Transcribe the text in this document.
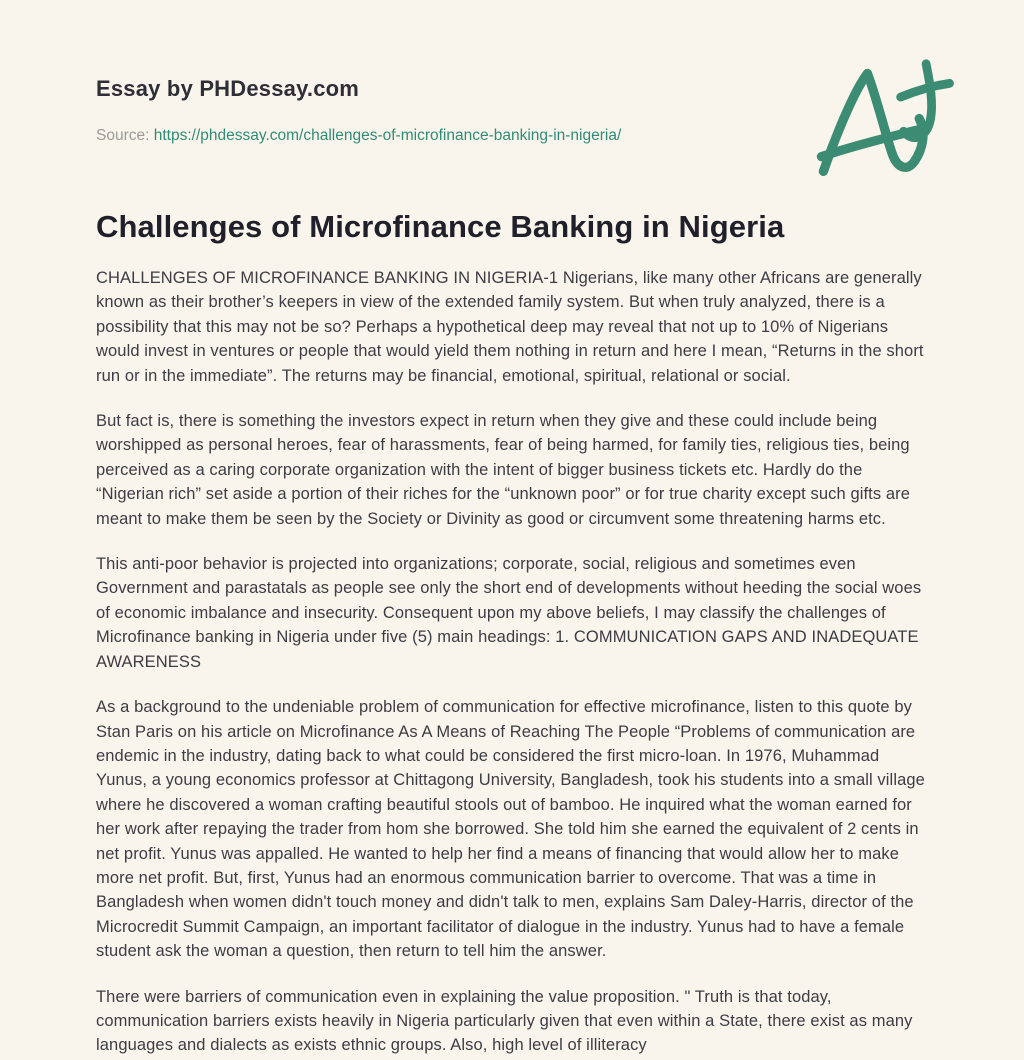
Essay by PHDessay.com
Source: https://phdessay.com/challenges-of-microfinance-banking-in-nigeria/
Challenges of Microfinance Banking in Nigeria

CHALLENGES OF MICROFINANCE BANKING IN NIGERIA-1 Nigerians, like many other Africans are generally known as their brother’s keepers in view of the extended family system. But when truly analyzed, there is a possibility that this may not be so? Perhaps a hypothetical deep may reveal that not up to 10% of Nigerians would invest in ventures or people that would yield them nothing in return and here I mean, “Returns in the short run or in the immediate”. The returns may be financial, emotional, spiritual, relational or social.

But fact is, there is something the investors expect in return when they give and these could include being worshipped as personal heroes, fear of harassments, fear of being harmed, for family ties, religious ties, being perceived as a caring corporate organization with the intent of bigger business tickets etc. Hardly do the “Nigerian rich” set aside a portion of their riches for the “unknown poor” or for true charity except such gifts are meant to make them be seen by the Society or Divinity as good or circumvent some threatening harms etc.

This anti-poor behavior is projected into organizations; corporate, social, religious and sometimes even Government and parastatals as people see only the short end of developments without heeding the social woes of economic imbalance and insecurity. Consequent upon my above beliefs, I may classify the challenges of Microfinance banking in Nigeria under five (5) main headings: 1. COMMUNICATION GAPS AND INADEQUATE AWARENESS

As a background to the undeniable problem of communication for effective microfinance, listen to this quote by Stan Paris on his article on Microfinance As A Means of Reaching The People “Problems of communication are endemic in the industry, dating back to what could be considered the first micro-loan. In 1976, Muhammad Yunus, a young economics professor at Chittagong University, Bangladesh, took his students into a small village where he discovered a woman crafting beautiful stools out of bamboo. He inquired what the woman earned for her work after repaying the trader from hom she borrowed. She told him she earned the equivalent of 2 cents in net profit. Yunus was appalled. He wanted to help her find a means of financing that would allow her to make more net profit. But, first, Yunus had an enormous communication barrier to overcome. That was a time in Bangladesh when women didn't touch money and didn't talk to men, explains Sam Daley-Harris, director of the Microcredit Summit Campaign, an important facilitator of dialogue in the industry. Yunus had to have a female student ask the woman a question, then return to tell him the answer.

There were barriers of communication even in explaining the value proposition. " Truth is that today, communication barriers exists heavily in Nigeria particularly given that even within a State, there exist as many languages and dialects as exists ethnic groups. Also, high level of illiteracy
